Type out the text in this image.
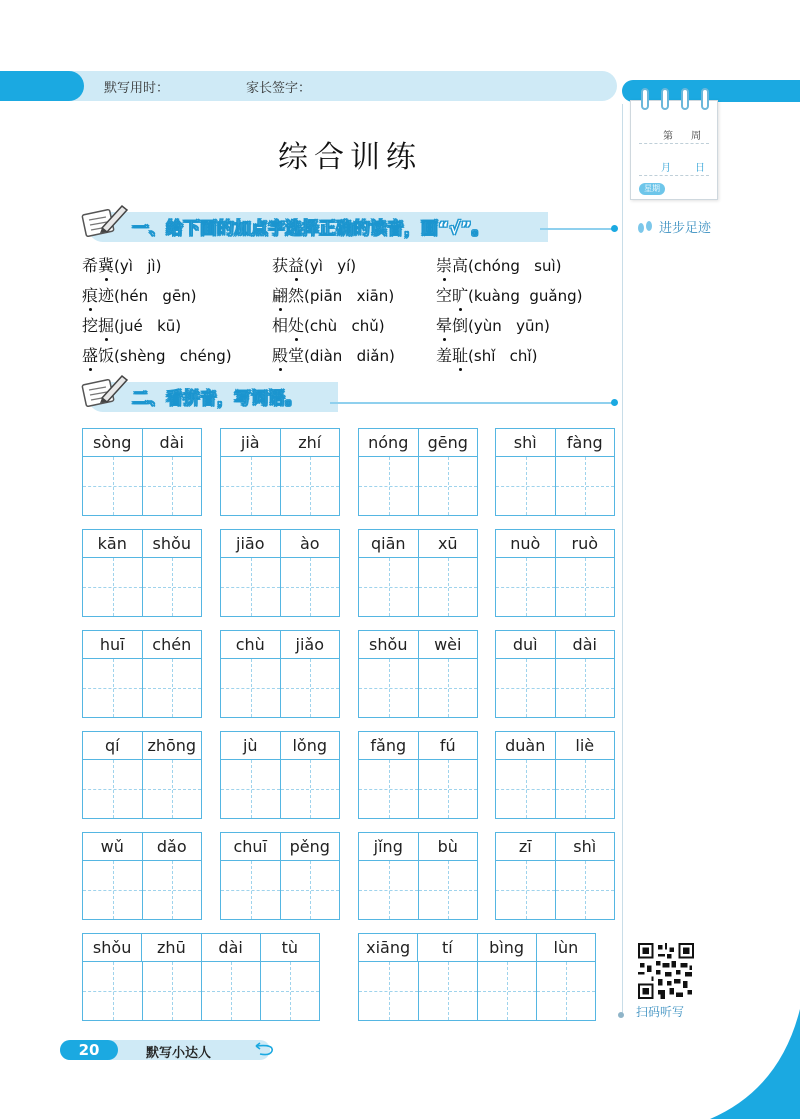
默写用时：	家长签字：
第 周
月 日
星期
进步足迹
综合训练
一、给下面的加点字选择正确的读音，画“√”。
希冀(yì   jì)	获益(yì   yí)	崇高(chóng   suì)
痕迹(hén   gēn)	翩然(piān   xiān)	空旷(kuàng  guǎng)
挖掘(jué   kū)	相处(chù   chǔ)	晕倒(yùn   yūn)
盛饭(shèng   chéng)	殿堂(diàn   diǎn)	羞耻(shǐ   chǐ)
二、看拼音，写词语。
sòng	dài	jià	zhí	nóng	gēng	shì	fàng
kān	shǒu	jiāo	ào	qiān	xū	nuò	ruò
huī	chén	chù	jiǎo	shǒu	wèi	duì	dài
qí	zhōng	jù	lǒng	fǎng	fú	duàn	liè
wǔ	dǎo	chuī	pěng	jǐng	bù	zī	shì
shǒu	zhū	dài	tù	xiāng	tí	bìng	lùn
扫码听写
20	默写小达人
